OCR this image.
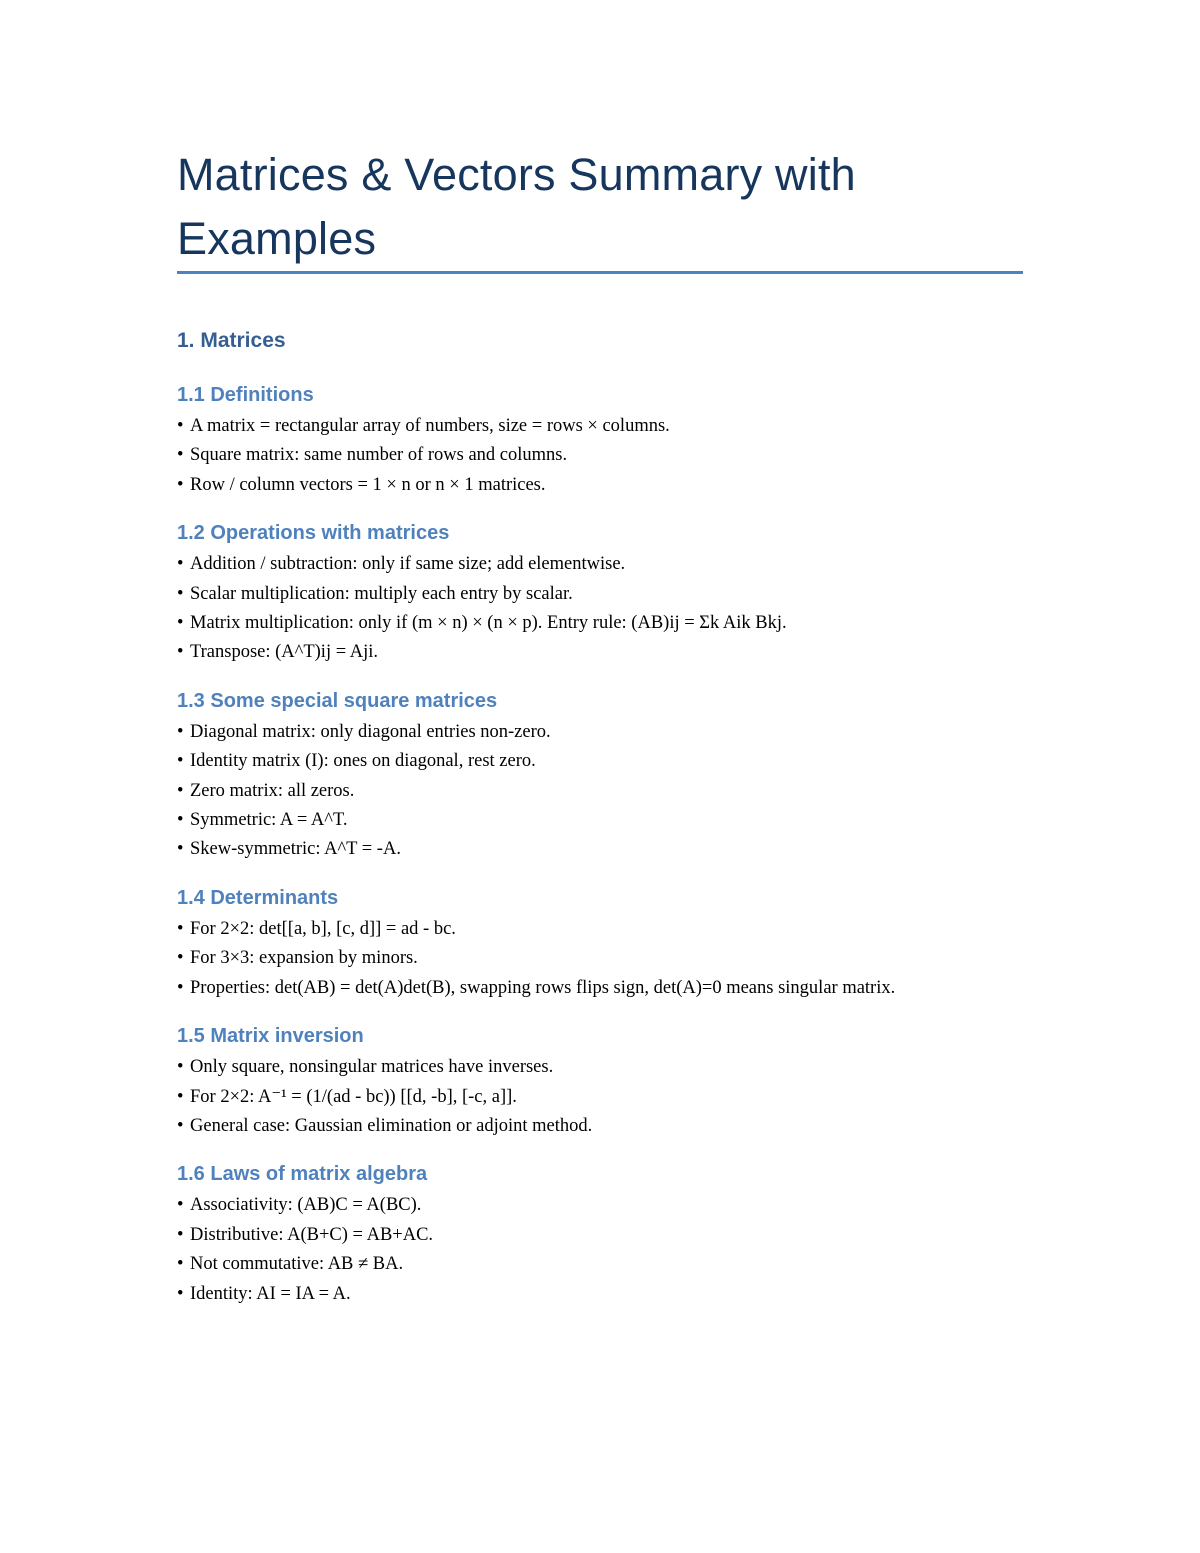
Matrices & Vectors Summary with Examples
1. Matrices
1.1 Definitions
• A matrix = rectangular array of numbers, size = rows × columns.
• Square matrix: same number of rows and columns.
• Row / column vectors = 1 × n or n × 1 matrices.
1.2 Operations with matrices
• Addition / subtraction: only if same size; add elementwise.
• Scalar multiplication: multiply each entry by scalar.
• Matrix multiplication: only if (m × n) × (n × p). Entry rule: (AB)ij = Σk Aik Bkj.
• Transpose: (A^T)ij = Aji.
1.3 Some special square matrices
• Diagonal matrix: only diagonal entries non-zero.
• Identity matrix (I): ones on diagonal, rest zero.
• Zero matrix: all zeros.
• Symmetric: A = A^T.
• Skew-symmetric: A^T = -A.
1.4 Determinants
• For 2×2: det[[a, b], [c, d]] = ad - bc.
• For 3×3: expansion by minors.
• Properties: det(AB) = det(A)det(B), swapping rows flips sign, det(A)=0 means singular matrix.
1.5 Matrix inversion
• Only square, nonsingular matrices have inverses.
• For 2×2: A⁻¹ = (1/(ad - bc)) [[d, -b], [-c, a]].
• General case: Gaussian elimination or adjoint method.
1.6 Laws of matrix algebra
• Associativity: (AB)C = A(BC).
• Distributive: A(B+C) = AB+AC.
• Not commutative: AB ≠ BA.
• Identity: AI = IA = A.
